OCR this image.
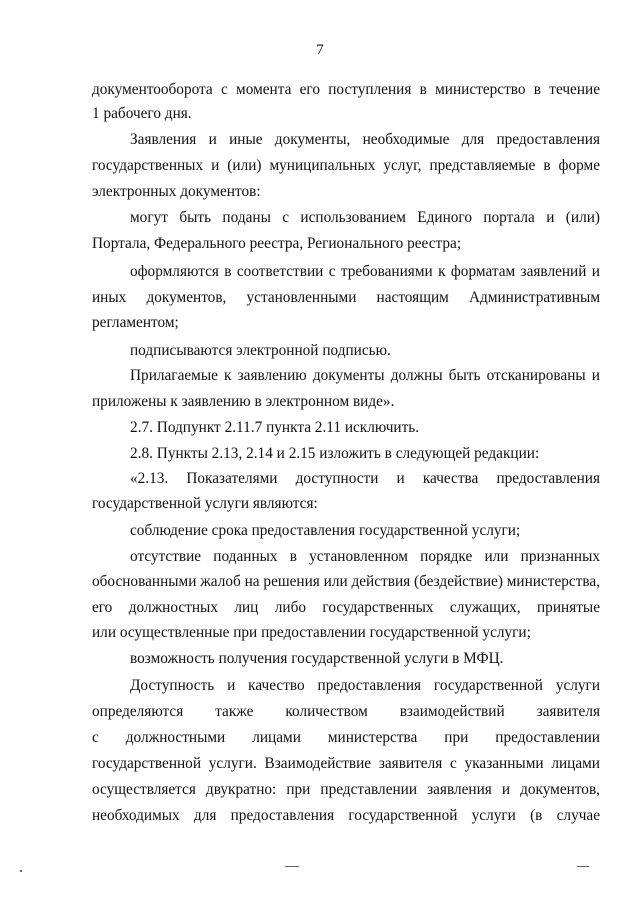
7
документооборота с момента его поступления в министерство в течение
1 рабочего дня.
Заявления и иные документы, необходимые для предоставления
государственных и (или) муниципальных услуг, представляемые в форме
электронных документов:
могут быть поданы с использованием Единого портала и (или)
Портала, Федерального реестра, Регионального реестра;
оформляются в соответствии с требованиями к форматам заявлений и
иных документов, установленными настоящим Административным
регламентом;
подписываются электронной подписью.
Прилагаемые к заявлению документы должны быть отсканированы и
приложены к заявлению в электронном виде».
2.7. Подпункт 2.11.7 пункта 2.11 исключить.
2.8. Пункты 2.13, 2.14 и 2.15 изложить в следующей редакции:
«2.13. Показателями доступности и качества предоставления
государственной услуги являются:
соблюдение срока предоставления государственной услуги;
отсутствие поданных в установленном порядке или признанных
обоснованными жалоб на решения или действия (бездействие) министерства,
его должностных лиц либо государственных служащих, принятые
или осуществленные при предоставлении государственной услуги;
возможность получения государственной услуги в МФЦ.
Доступность и качество предоставления государственной услуги
определяются также количеством взаимодействий заявителя
с должностными лицами министерства при предоставлении
государственной услуги. Взаимодействие заявителя с указанными лицами
осуществляется двукратно: при представлении заявления и документов,
необходимых для предоставления государственной услуги (в случае
